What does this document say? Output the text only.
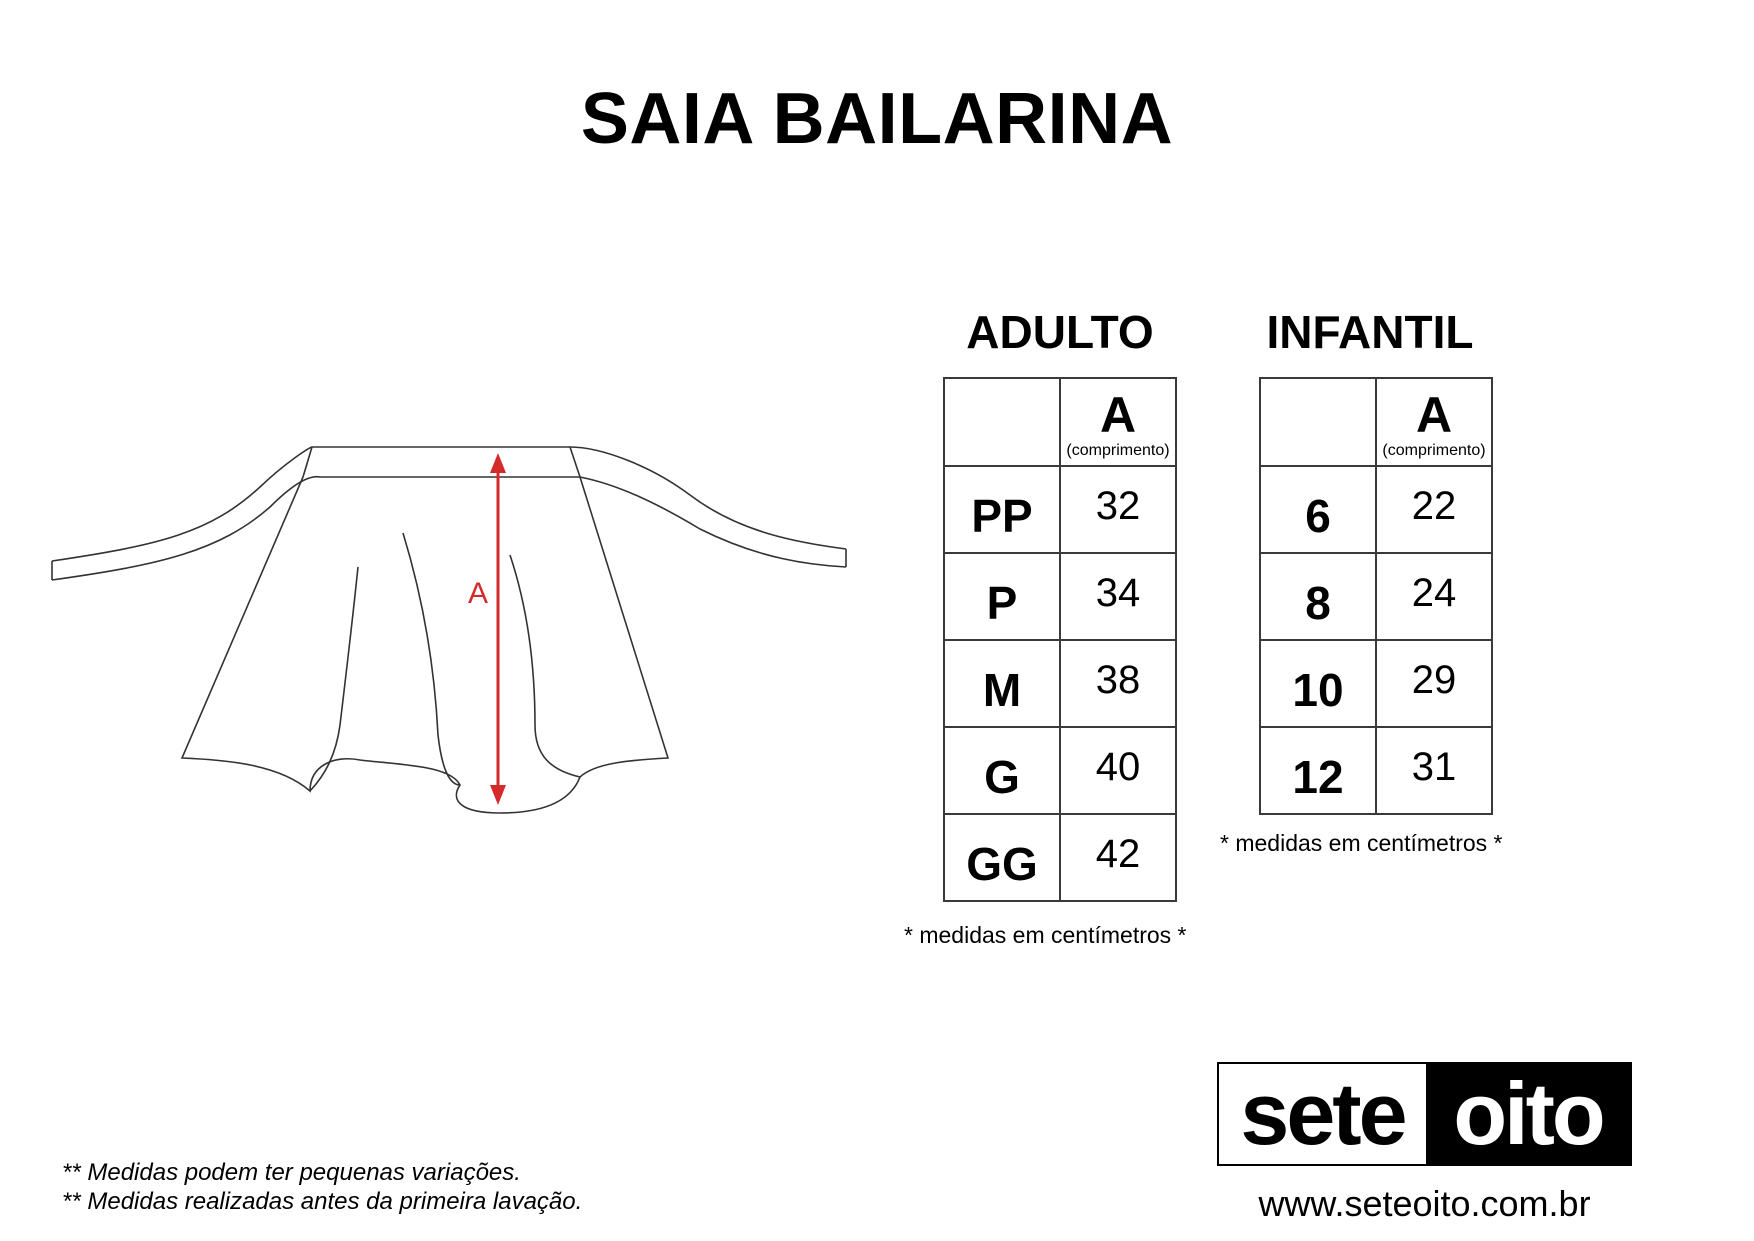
SAIA BAILARINA
A
ADULTO

	A
(comprimento)

PP	32

P	34

M	38

G	40

GG	42
* medidas em centímetros *
INFANTIL

	A
(comprimento)

6	22

8	24

10	29

12	31
* medidas em centímetros *
** Medidas podem ter pequenas variações.
** Medidas realizadas antes da primeira lavação.
sete oito
www.seteoito.com.br
